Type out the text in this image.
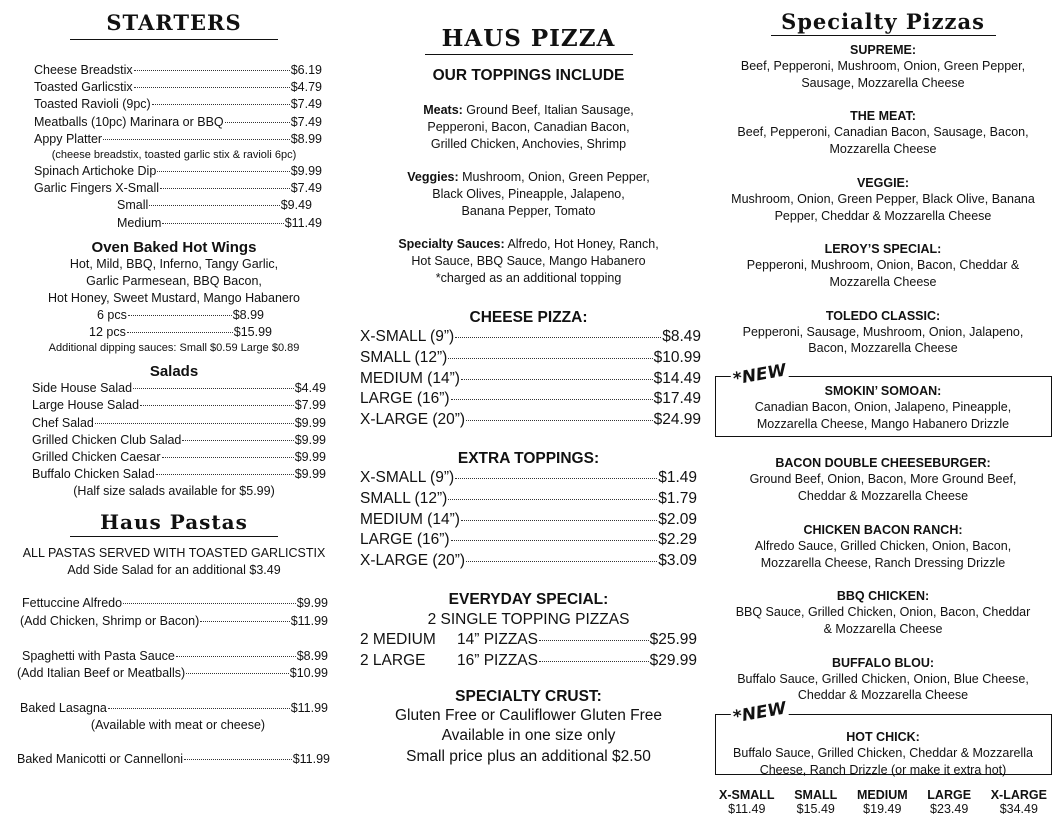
STARTERS
Cheese Breadstix	$6.19
Toasted Garlicstix	$4.79
Toasted Ravioli (9pc)	$7.49
Meatballs (10pc) Marinara or BBQ	$7.49
Appy Platter	$8.99
(cheese breadstix, toasted garlic stix & ravioli 6pc)
Spinach Artichoke Dip	$9.99
Garlic Fingers X-Small	$7.49
Small	$9.49
Medium	$11.49
Oven Baked Hot Wings
Hot, Mild, BBQ, Inferno, Tangy Garlic,
Garlic Parmesean, BBQ Bacon,
Hot Honey, Sweet Mustard, Mango Habanero
6 pcs	$8.99
12 pcs	$15.99
Additional dipping sauces: Small $0.59 Large $0.89
Salads
Side House Salad	$4.49
Large House Salad	$7.99
Chef Salad	$9.99
Grilled Chicken Club Salad	$9.99
Grilled Chicken Caesar	$9.99
Buffalo Chicken Salad	$9.99
(Half size salads available for $5.99)
Haus Pastas
ALL PASTAS SERVED WITH TOASTED GARLICSTIX
Add Side Salad for an additional $3.49
Fettuccine Alfredo	$9.99
(Add Chicken, Shrimp or Bacon)	$11.99
Spaghetti with Pasta Sauce	$8.99
(Add Italian Beef or Meatballs)	$10.99
Baked Lasagna	$11.99
(Available with meat or cheese)
Baked Manicotti or Cannelloni	$11.99
HAUS PIZZA
OUR TOPPINGS INCLUDE
Meats: Ground Beef, Italian Sausage,
Pepperoni, Bacon, Canadian Bacon,
Grilled Chicken, Anchovies, Shrimp
Veggies: Mushroom, Onion, Green Pepper,
Black Olives, Pineapple, Jalapeno,
Banana Pepper, Tomato
Specialty Sauces: Alfredo, Hot Honey, Ranch,
Hot Sauce, BBQ Sauce, Mango Habanero
*charged as an additional topping
CHEESE PIZZA:
X-SMALL (9”)	$8.49
SMALL (12”)	$10.99
MEDIUM (14”)	$14.49
LARGE (16”)	$17.49
X-LARGE (20”)	$24.99
EXTRA TOPPINGS:
X-SMALL (9”)	$1.49
SMALL (12”)	$1.79
MEDIUM (14”)	$2.09
LARGE (16”)	$2.29
X-LARGE (20”)	$3.09
EVERYDAY SPECIAL:
2 SINGLE TOPPING PIZZAS
2 MEDIUM	14” PIZZAS	$25.99
2 LARGE	16” PIZZAS	$29.99
SPECIALTY CRUST:
Gluten Free or Cauliflower Gluten Free
Available in one size only
Small price plus an additional $2.50
Specialty Pizzas
SUPREME:
Beef, Pepperoni, Mushroom, Onion, Green Pepper,
Sausage, Mozzarella Cheese
THE MEAT:
Beef, Pepperoni, Canadian Bacon, Sausage, Bacon,
Mozzarella Cheese
VEGGIE:
Mushroom, Onion, Green Pepper, Black Olive, Banana
Pepper, Cheddar & Mozzarella Cheese
LEROY’S SPECIAL:
Pepperoni, Mushroom, Onion, Bacon, Cheddar &
Mozzarella Cheese
TOLEDO CLASSIC:
Pepperoni, Sausage, Mushroom, Onion, Jalapeno,
Bacon, Mozzarella Cheese
SMOKIN’ SOMOAN:
Canadian Bacon, Onion, Jalapeno, Pineapple,
Mozzarella Cheese, Mango Habanero Drizzle
BACON DOUBLE CHEESEBURGER:
Ground Beef, Onion, Bacon, More Ground Beef,
Cheddar & Mozzarella Cheese
CHICKEN BACON RANCH:
Alfredo Sauce, Grilled Chicken, Onion, Bacon,
Mozzarella Cheese, Ranch Dressing Drizzle
BBQ CHICKEN:
BBQ Sauce, Grilled Chicken, Onion, Bacon, Cheddar
& Mozzarella Cheese
BUFFALO BLOU:
Buffalo Sauce, Grilled Chicken, Onion, Blue Cheese,
Cheddar & Mozzarella Cheese
HOT CHICK:
Buffalo Sauce, Grilled Chicken, Cheddar & Mozzarella
Cheese, Ranch Drizzle (or make it extra hot)
X-SMALL
$11.49
SMALL
$15.49
MEDIUM
$19.49
LARGE
$23.49
X-LARGE
$34.49
*NEW
*NEW
